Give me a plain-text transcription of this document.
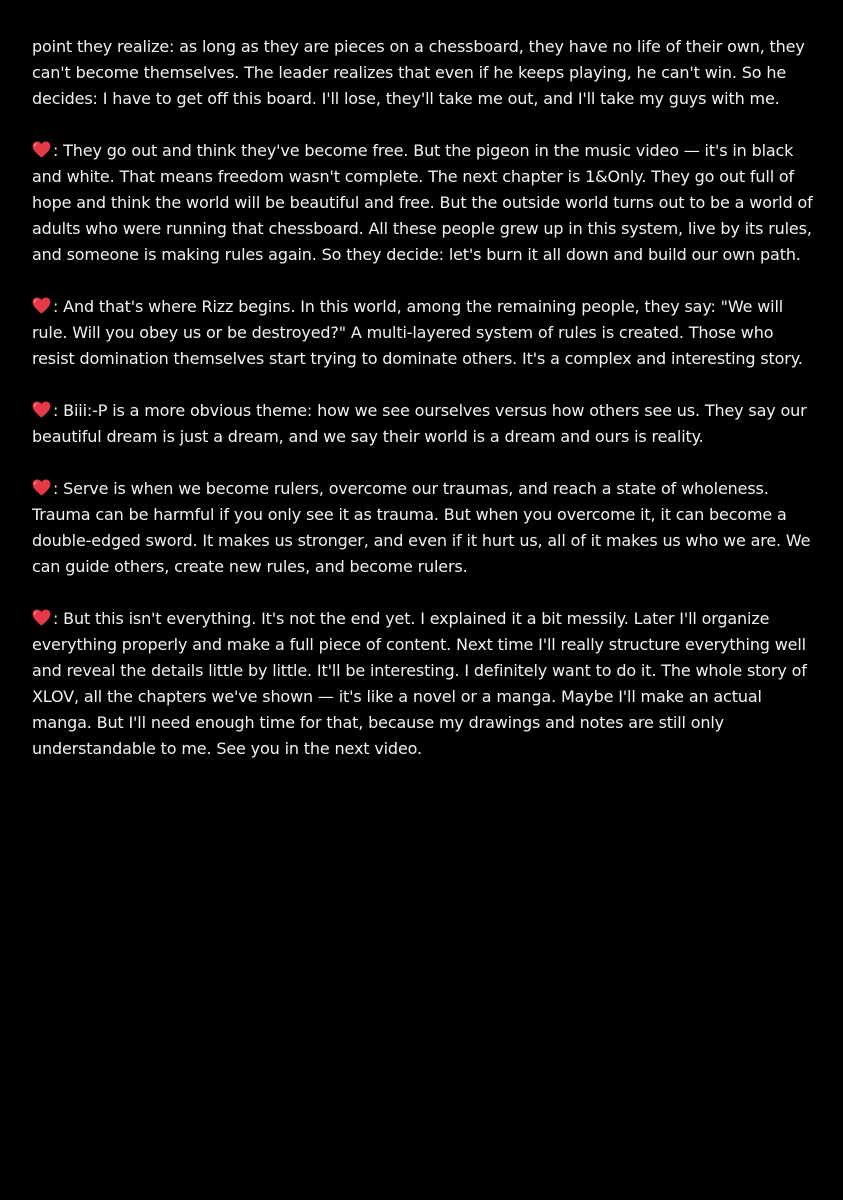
point they realize: as long as they are pieces on a chessboard, they have no life of their own, they can't become themselves. The leader realizes that even if he keeps playing, he can't win. So he decides: I have to get off this board. I'll lose, they'll take me out, and I'll take my guys with me.

: They go out and think they've become free. But the pigeon in the music video — it's in black and white. That means freedom wasn't complete. The next chapter is 1&Only. They go out full of hope and think the world will be beautiful and free. But the outside world turns out to be a world of adults who were running that chessboard. All these people grew up in this system, live by its rules, and someone is making rules again. So they decide: let's burn it all down and build our own path.

: And that's where Rizz begins. In this world, among the remaining people, they say: "We will rule. Will you obey us or be destroyed?" A multi-layered system of rules is created. Those who resist domination themselves start trying to dominate others. It's a complex and interesting story.

: Biii:-P is a more obvious theme: how we see ourselves versus how others see us. They say our beautiful dream is just a dream, and we say their world is a dream and ours is reality.

: Serve is when we become rulers, overcome our traumas, and reach a state of wholeness. Trauma can be harmful if you only see it as trauma. But when you overcome it, it can become a double-edged sword. It makes us stronger, and even if it hurt us, all of it makes us who we are. We can guide others, create new rules, and become rulers.

: But this isn't everything. It's not the end yet. I explained it a bit messily. Later I'll organize everything properly and make a full piece of content. Next time I'll really structure everything well and reveal the details little by little. It'll be interesting. I definitely want to do it. The whole story of XLOV, all the chapters we've shown — it's like a novel or a manga. Maybe I'll make an actual manga. But I'll need enough time for that, because my drawings and notes are still only understandable to me. See you in the next video.
